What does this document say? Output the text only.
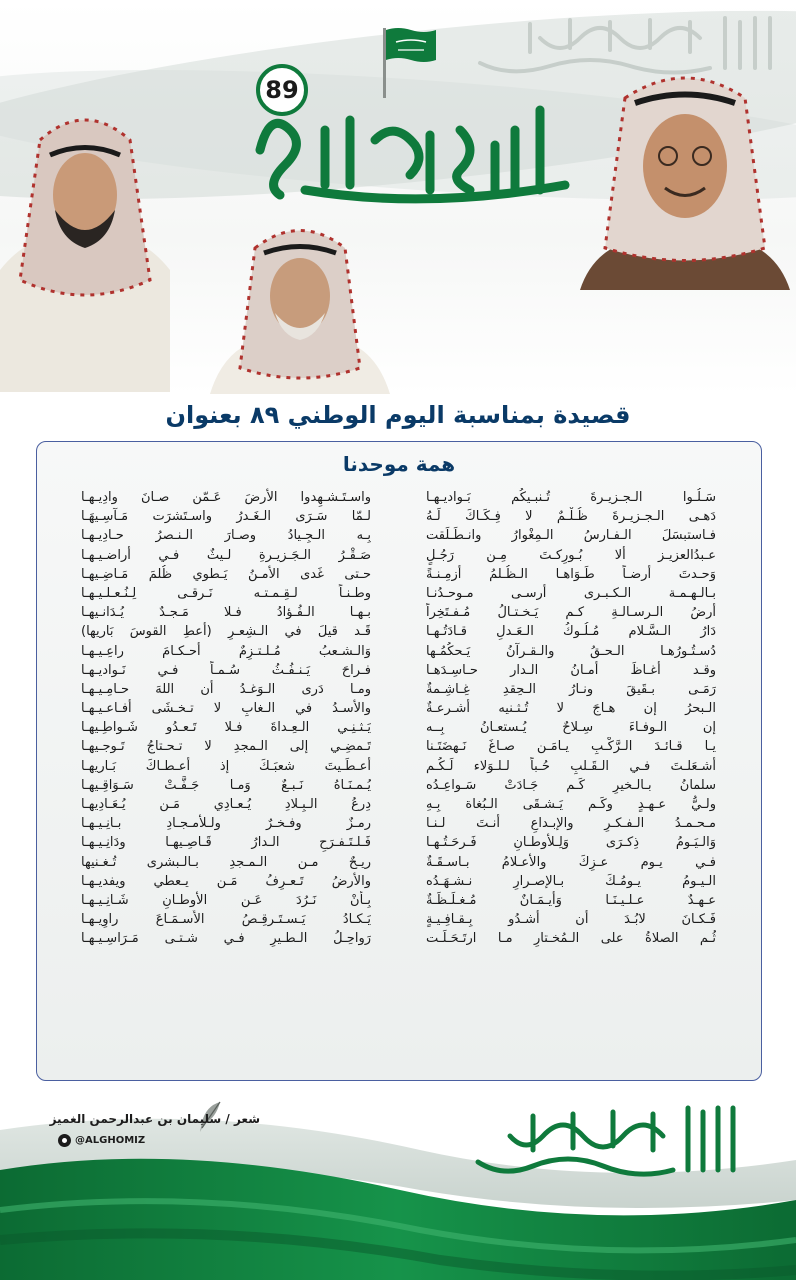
89
قصيدة بمناسبة اليوم الوطني ٨٩ بعنوان
همة موحدنا
سَـلُـوا الـجـزيـرةَ تُـنبـيكُم بَـواديـهـا
دَهـى الـجـزيـرةَ ظُـلْـمٌ لا فِـكَـاكَ لَـهُ
فـاستبسَلَ الـفـارسُ الـمِغْوارُ وانـطَـلَقت
عـبدُالعزيـز ألا بُـورِكـتَ مِـن رَجُـلٍ
وَحـدتَ أرضـاً طَـوَاهـا الـظُـلمُ أزمِـنـةً
بـالـهـمـة الـكـبـرى أرسـى مـوحـدُنـا
أرضُ الـرسـالـةِ كـم يَـخـتـالُ مُـفـتَخِراً
دَارُ الـسَّـلام مُـلُـوكُ الـعَـدلِ قـادَتُـهـا
دُسـتُـورُهـا الـحـقُ والـقـرآنُ يَـحكُمُـها
وقـد أغـاظَ أمـانُ الـدار حـاسِـدَهـا
رَمَـى بـقَيقَ ونـارُ الـحِقدِ غِـاشِـمةٌ
الـبحرُ إن هـاجَ لا تُـثـنيه أشـرعـةٌ
إن الـوفـاءَ سِـلاحٌ يُـستعـانُ بِــه
يـا قـائـدَ الـرَّكْـبِ يـامَـن صـاغَ نَـهضَتَـنا
أشـعَلـتَ فـي الـقَـلبِ حُـباً لـلـوَلاء لَـكُـم
سلمانُ بـالـخيرِ كَـم جَـادَتْ سَـواعِـدُه
ولـيُّ عـهـدٍ وكَـم يَـشـقَى الـبُغاة بِـهِ
مـحـمـدُ الـفـكـرِ والإبـداعِ أنـتَ لـنـا
وَالـيَـومُ ذِكـرَى وَلِـلأوطـانِ فَـرحَـتُـهـا
فـي يـوم عـزِكَ والأعـلامُ بـاسـقَـةٌ
الـيـومُ يـومُـكَ بـالإصـرارِ نـشـهَـدُه
عـهـدٌ عـلـيـنَـا وَأيـمَـانٌ مُـغـلَـظَـةٌ
فَـكـانَ لابُـدَ أن أشـدُو بِـقـافِـيـةٍ
ثُـم الصلاةُ على الـمُخـتارِ مـا ارتَـحَـلَـت
واسـتَـشـهِدوا الأرضَ عَـمّن صـانَ وادِيـهـا
لـمّا سَـرَى الـغَـدرُ واسـتَشرَت مَـآسِـيهَـا
بِـه الـجِـيادُ وصـارَ الـنـصرُ حـادِيـهـا
صَـقْـرُ الـجَـزيـرةِ لـيثٌ فـي أراضـيـهـا
حـتى غَدى الأمـنُ يَـطوي ظُلمَ مَـاضِـيهـا
وطـنـاً لـقِـمـتـه نَـرقـى لِـنُـعـلـيـهـا
بـهـا الـفُـؤادُ فـلا مَـجـدٌ يُـدَانـيهـا
قَـد قيلَ في الـشِعـرِ (أعطِ القوسَ بَاريها)
وَالـشـعبُ مُـلـتـزِمٌ أحـكـامَ راعِـيـهـا
فـراحَ يَـنـفُـثُ سُـمـاً فـي نَـواديـهـا
ومـا دَرى الـوَغـدُ أن اللهَ حـامِـيـهـا
والأسـدُ في الـغابِ لا تـخـشَى أفـاعـيـهـا
يَـثـنِـي الـعِـداةَ فـلا تَـعـدُو شَـواطِـيهـا
تَـمضِـي إلى الـمجدِ لا تـحـتاجُ تَـوجـيهـا
أعـطَـيتَ شعبَـكَ إذ أعـطـاكَ بَـاريهـا
يُـمـنَـاهُ نَـبـعٌ وَمـا جَـفَّـتْ سَـوَاقِـيهـا
دِرعُ الـبِـلادِ يُـعـادِي مَـن يُـعَـادِيهـا
رمـزٌ وفـخـرٌ ولـلأمـجـادِ بـانِـيـهـا
فَـلـتَـفـرَحِ الـدارُ قَـاصِـيهـا ودَانِـيـهـا
ريـحٌ مـن الـمـجدِ بـالـبشرى تُـغـنيها
والأرضُ تَـعـرِفُ مَـن يـعطي ويفديـهـا
بِـأنْ نَـرُدَ عَـن الأوطـانِ شَـانِـيـهـا
يَـكـادُ يَـسـتَـرقِـصُ الأَسـمَـاعَ راوِيـهـا
رَواحِـلُ الـطـيرِ فـي شـتـى مَـرَاسِـيـهـا
شعر / سليمان بن عبدالرحمن الغميز
@ALGHOMIZ
